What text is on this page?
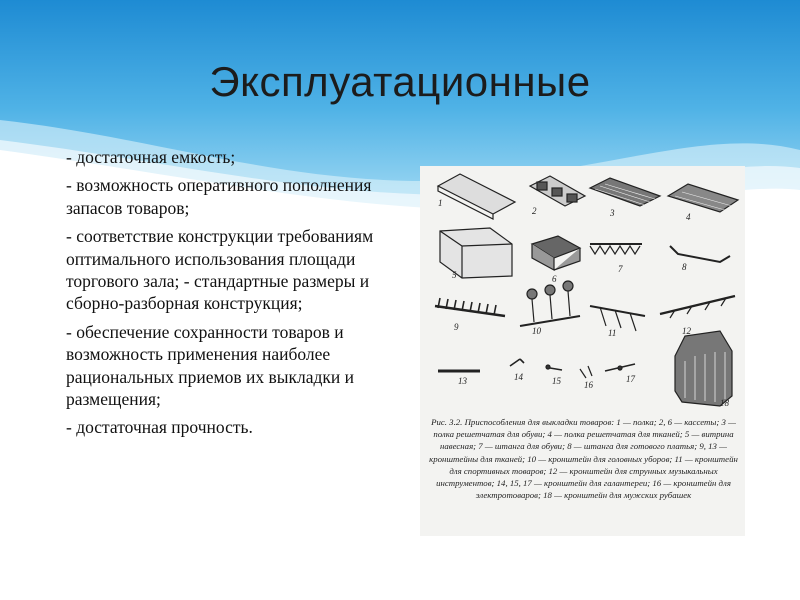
Эксплуатационные
- достаточная емкость;
- возможность оперативного пополнения запасов товаров;
- соответствие конструкции требованиям оптимального использования площади торгового зала; - стандартные размеры и сборно-разборная конструкция;
- обеспечение сохранности товаров и возможность применения наиболее рациональных приемов их выкладки и размещения;
- достаточная прочность.
1
2	3	4
5	6
7	8
9	10	11	12
13	14	15	16
17
18
Рис. 3.2. Приспособления для выкладки товаров: 1 — полка; 2, 6 — кассеты; 3 — полка решетчатая для обуви; 4 — полка решетчатая для тканей; 5 — витрина навесная; 7 — штанга для обуви; 8 — штанга для готового платья; 9, 13 — кронштейны для тканей; 10 — кронштейн для головных уборов; 11 — кронштейн для спортивных товаров; 12 — кронштейн для струнных музыкальных инструментов; 14, 15, 17 — кронштейн для галантереи; 16 — кронштейн для электротоваров; 18 — кронштейн для мужских рубашек
